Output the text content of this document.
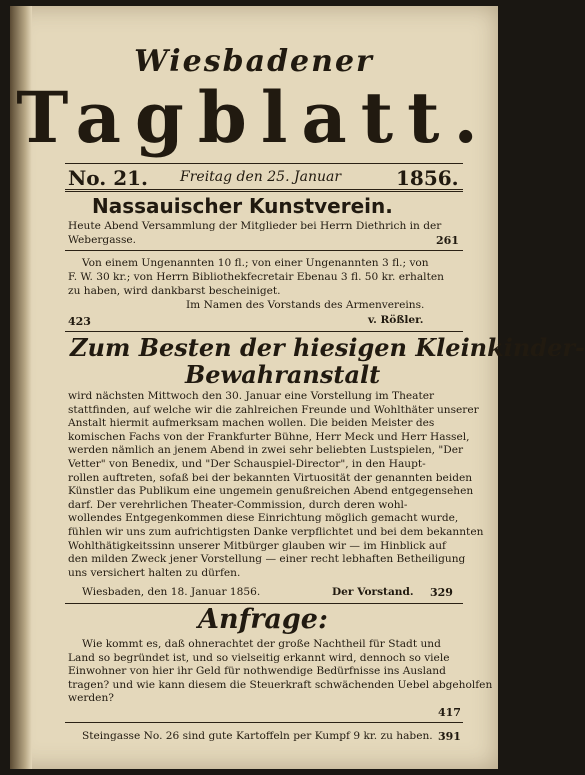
Wiesbadener
Tagblatt.
No. 21. Freitag den 25. Januar	1856.
Nassauischer Kunstverein.
Heute Abend Versammlung der Mitglieder bei Herrn Diethrich in der
Webergasse.	261
Von einem Ungenannten 10 fl.; von einer Ungenannten 3 fl.; von
F. W. 30 kr.; von Herrn Bibliothekfecretair Ebenau 3 fl. 50 kr. erhalten
zu haben, wird dankbarst bescheiniget.
Im Namen des Vorstands des Armenvereins.
423	v. Rößler.
Zum Besten der hiesigen Kleinkinder-
Bewahranstalt
wird nächsten Mittwoch den 30. Januar eine Vorstellung im Theater
stattfinden, auf welche wir die zahlreichen Freunde und Wohlthäter unserer
Anstalt hiermit aufmerksam machen wollen. Die beiden Meister des
komischen Fachs von der Frankfurter Bühne, Herr Meck und Herr Hassel,
werden nämlich an jenem Abend in zwei sehr beliebten Lustspielen, "Der
Vetter" von Benedix, und "Der Schauspiel-Director", in den Haupt-
rollen auftreten, sofaß bei der bekannten Virtuosität der genannten beiden
Künstler das Publikum eine ungemein genußreichen Abend entgegensehen
darf. Der verehrlichen Theater-Commission, durch deren wohl-
wollendes Entgegenkommen diese Einrichtung möglich gemacht wurde,
fühlen wir uns zum aufrichtigsten Danke verpflichtet und bei dem bekannten
Wohlthätigkeitssinn unserer Mitbürger glauben wir — im Hinblick auf
den milden Zweck jener Vorstellung — einer recht lebhaften Betheiligung
uns versichert halten zu dürfen.
Wiesbaden, den 18. Januar 1856.	Der Vorstand. 329
Anfrage:
Wie kommt es, daß ohnerachtet der große Nachtheil für Stadt und
Land so begründet ist, und so vielseitig erkannt wird, dennoch so viele
Einwohner von hier ihr Geld für nothwendige Bedürfnisse ins Ausland
tragen? und wie kann diesem die Steuerkraft schwächenden Uebel abgeholfen
werden?
417
Steingasse No. 26 sind gute Kartoffeln per Kumpf 9 kr. zu haben. 391
